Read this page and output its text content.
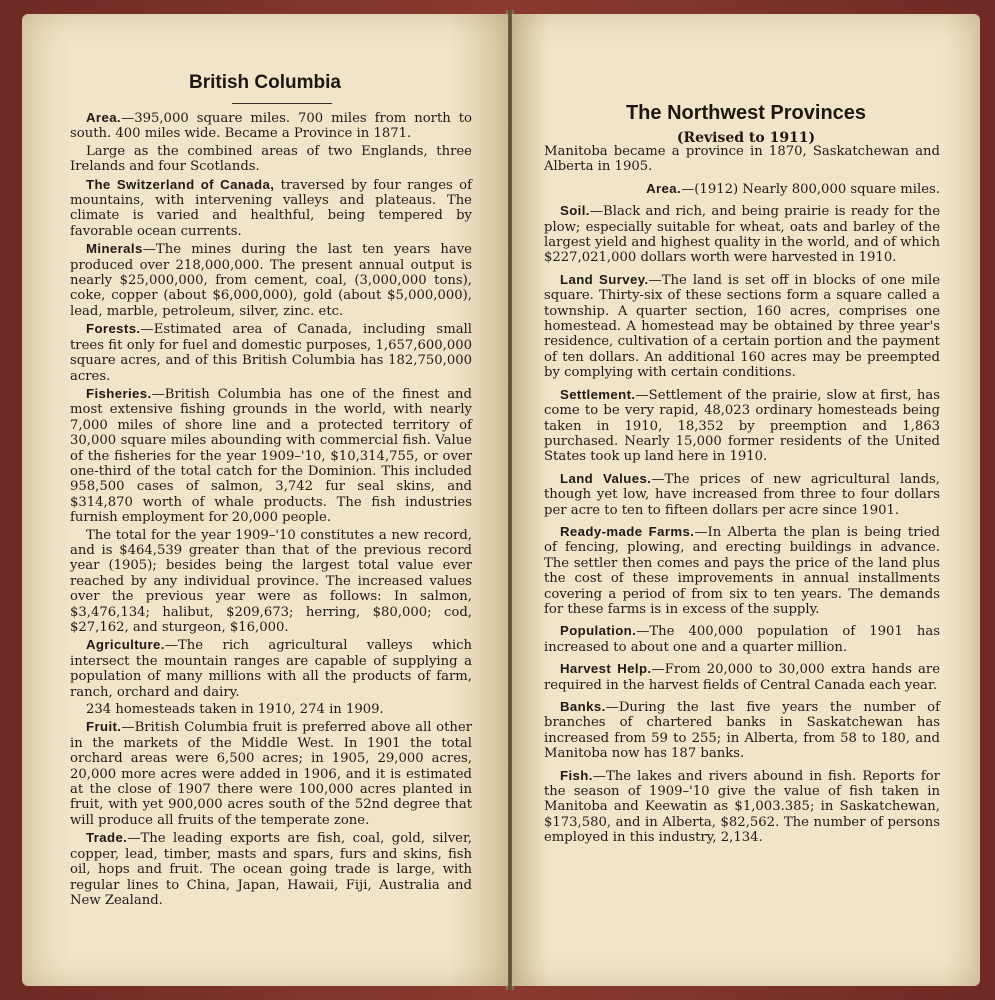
British Columbia

Area.—395,000 square miles. 700 miles from north to south. 400 miles wide. Became a Province in 1871.

Large as the combined areas of two Englands, three Irelands and four Scotlands.

The Switzerland of Canada, traversed by four ranges of mountains, with intervening valleys and plateaus. The climate is varied and healthful, being tempered by favorable ocean currents.

Minerals—The mines during the last ten years have produced over 218,000,000. The present annual output is nearly $25,000,000, from cement, coal, (3,000,000 tons), coke, copper (about $6,000,000), gold (about $5,000,000), lead, marble, petroleum, silver, zinc. etc.

Forests.—Estimated area of Canada, including small trees fit only for fuel and domestic purposes, 1,657,600,000 square acres, and of this British Columbia has 182,750,000 acres.

Fisheries.—British Columbia has one of the finest and most extensive fishing grounds in the world, with nearly 7,000 miles of shore line and a protected territory of 30,000 square miles abounding with commercial fish. Value of the fisheries for the year 1909–'10, $10,314,755, or over one-third of the total catch for the Dominion. This included 958,500 cases of salmon, 3,742 fur seal skins, and $314,870 worth of whale products. The fish industries furnish employment for 20,000 people.

The total for the year 1909–'10 constitutes a new record, and is $464,539 greater than that of the previous record year (1905); besides being the largest total value ever reached by any individual province. The increased values over the previous year were as follows: In salmon, $3,476,134; halibut, $209,673; herring, $80,000; cod, $27,162, and sturgeon, $16,000.

Agriculture.—The rich agricultural valleys which intersect the mountain ranges are capable of supplying a population of many millions with all the products of farm, ranch, orchard and dairy.

234 homesteads taken in 1910, 274 in 1909.

Fruit.—British Columbia fruit is preferred above all other in the markets of the Middle West. In 1901 the total orchard areas were 6,500 acres; in 1905, 29,000 acres, 20,000 more acres were added in 1906, and it is estimated at the close of 1907 there were 100,000 acres planted in fruit, with yet 900,000 acres south of the 52nd degree that will produce all fruits of the temperate zone.

Trade.—The leading exports are fish, coal, gold, silver, copper, lead, timber, masts and spars, furs and skins, fish oil, hops and fruit. The ocean going trade is large, with regular lines to China, Japan, Hawaii, Fiji, Australia and New Zealand.

The Northwest Provinces
(Revised to 1911)

Manitoba became a province in 1870, Saskatchewan and Alberta in 1905.

Area.—(1912) Nearly 800,000 square miles.

Soil.—Black and rich, and being prairie is ready for the plow; especially suitable for wheat, oats and barley of the largest yield and highest quality in the world, and of which $227,021,000 dollars worth were harvested in 1910.

Land Survey.—The land is set off in blocks of one mile square. Thirty-six of these sections form a square called a township. A quarter section, 160 acres, comprises one homestead. A homestead may be obtained by three year's residence, cultivation of a certain portion and the payment of ten dollars. An additional 160 acres may be preempted by complying with certain conditions.

Settlement.—Settlement of the prairie, slow at first, has come to be very rapid, 48,023 ordinary homesteads being taken in 1910, 18,352 by preemption and 1,863 purchased. Nearly 15,000 former residents of the United States took up land here in 1910.

Land Values.—The prices of new agricultural lands, though yet low, have increased from three to four dollars per acre to ten to fifteen dollars per acre since 1901.

Ready-made Farms.—In Alberta the plan is being tried of fencing, plowing, and erecting buildings in advance. The settler then comes and pays the price of the land plus the cost of these improvements in annual installments covering a period of from six to ten years. The demands for these farms is in excess of the supply.

Population.—The 400,000 population of 1901 has increased to about one and a quarter million.

Harvest Help.—From 20,000 to 30,000 extra hands are required in the harvest fields of Central Canada each year.

Banks.—During the last five years the number of branches of chartered banks in Saskatchewan has increased from 59 to 255; in Alberta, from 58 to 180, and Manitoba now has 187 banks.

Fish.—The lakes and rivers abound in fish. Reports for the season of 1909–'10 give the value of fish taken in Manitoba and Keewatin as $1,003.385; in Saskatchewan, $173,580, and in Alberta, $82,562. The number of persons employed in this industry, 2,134.
